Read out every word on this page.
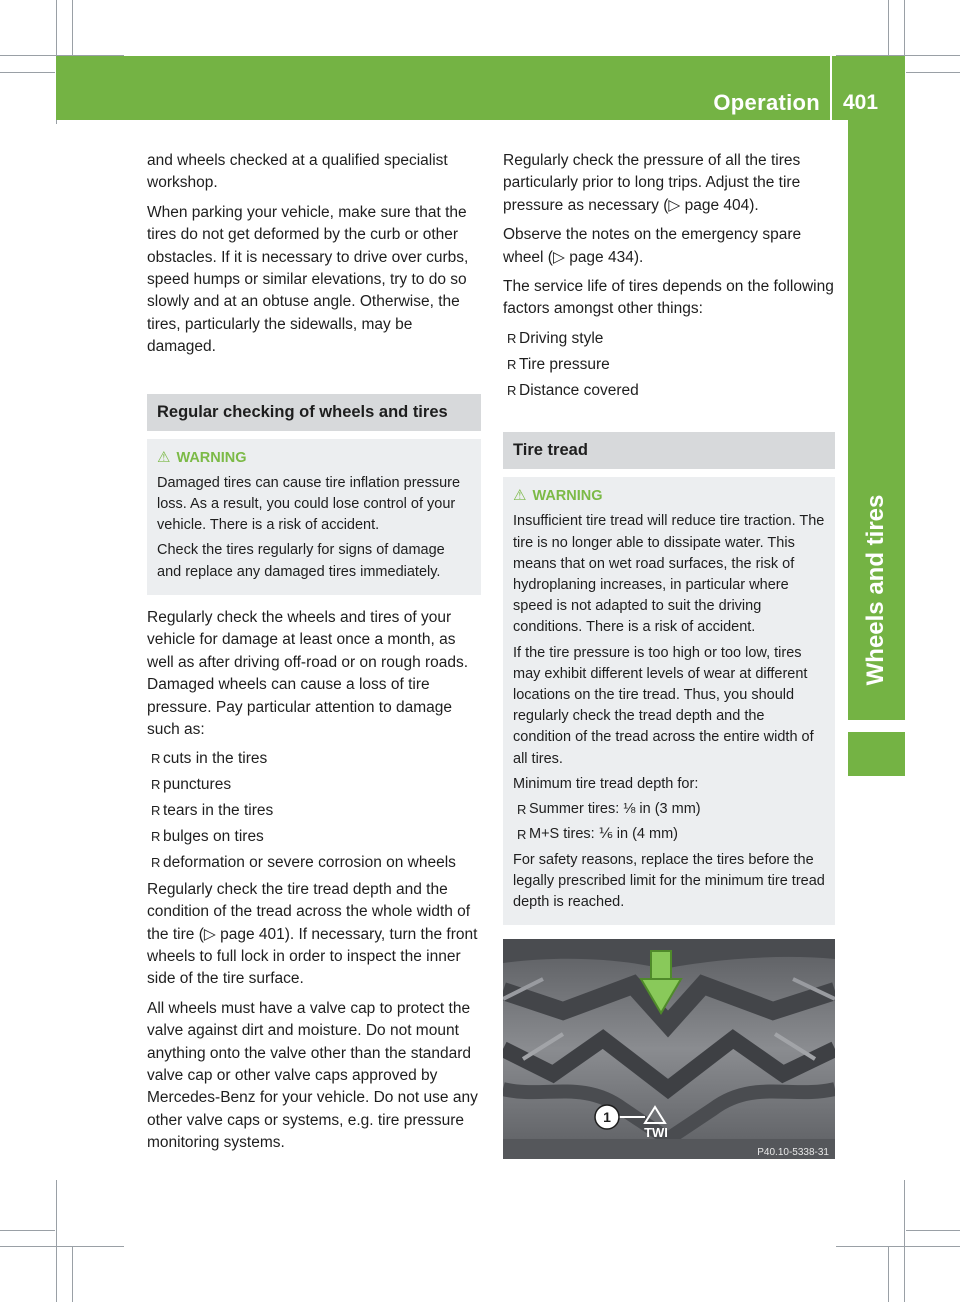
Operation 401
Wheels and tires

and wheels checked at a qualified specialist workshop.

When parking your vehicle, make sure that the tires do not get deformed by the curb or other obstacles. If it is necessary to drive over curbs, speed humps or similar elevations, try to do so slowly and at an obtuse angle. Otherwise, the tires, particularly the sidewalls, may be damaged.

Regular checking of wheels and tires
⚠ WARNING

Damaged tires can cause tire inflation pressure loss. As a result, you could lose control of your vehicle. There is a risk of accident.

Check the tires regularly for signs of damage and replace any damaged tires immediately.

Regularly check the wheels and tires of your vehicle for damage at least once a month, as well as after driving off-road or on rough roads. Damaged wheels can cause a loss of tire pressure. Pay particular attention to damage such as:

R cuts in the tires
R punctures
R tears in the tires
R bulges on tires
R deformation or severe corrosion on wheels

Regularly check the tire tread depth and the condition of the tread across the whole width of the tire (▷ page 401). If necessary, turn the front wheels to full lock in order to inspect the inner side of the tire surface.

All wheels must have a valve cap to protect the valve against dirt and moisture. Do not mount anything onto the valve other than the standard valve cap or other valve caps approved by Mercedes-Benz for your vehicle. Do not use any other valve caps or systems, e.g. tire pressure monitoring systems.

Regularly check the pressure of all the tires particularly prior to long trips. Adjust the tire pressure as necessary (▷ page 404).

Observe the notes on the emergency spare wheel (▷ page 434).

The service life of tires depends on the following factors amongst other things:

R Driving style
R Tire pressure
R Distance covered
Tire tread
⚠ WARNING

Insufficient tire tread will reduce tire traction. The tire is no longer able to dissipate water. This means that on wet road surfaces, the risk of hydroplaning increases, in particular where speed is not adapted to suit the driving conditions. There is a risk of accident.

If the tire pressure is too high or too low, tires may exhibit different levels of wear at different locations on the tire tread. Thus, you should regularly check the tread depth and the condition of the tread across the entire width of all tires.

Minimum tire tread depth for:

R Summer tires: ⅛ in (3 mm)
R M+S tires: ⅙ in (4 mm)

For safety reasons, replace the tires before the legally prescribed limit for the minimum tire tread depth is reached.

1
TWI
P40.10-5338-31
